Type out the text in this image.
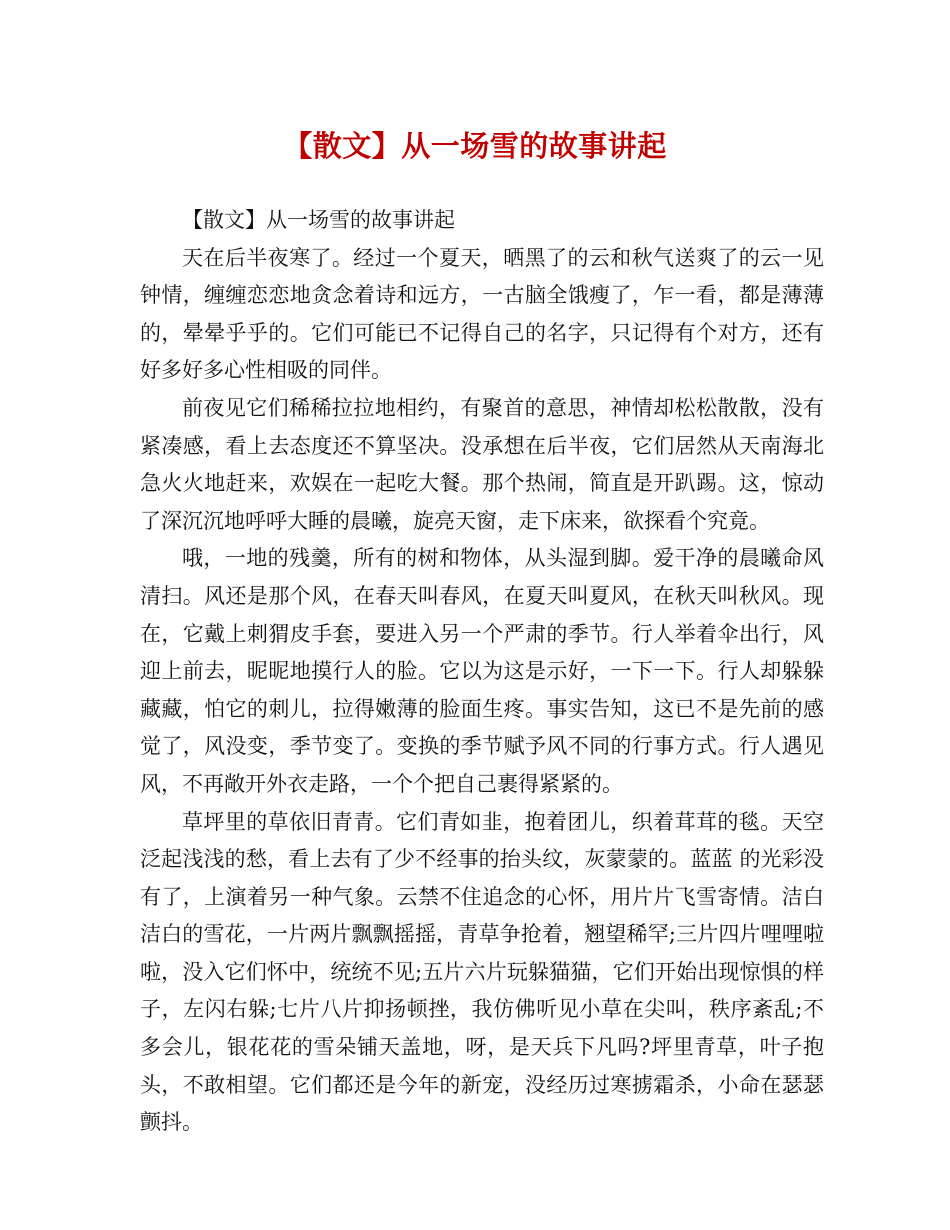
【散文】从一场雪的故事讲起

【散文】从一场雪的故事讲起

天在后半夜寒了。经过一个夏天，晒黑了的云和秋气送爽了的云一见钟情，缠缠恋恋地贪念着诗和远方，一古脑全饿瘦了，乍一看，都是薄薄的，晕晕乎乎的。它们可能已不记得自己的名字，只记得有个对方，还有好多好多心性相吸的同伴。

前夜见它们稀稀拉拉地相约，有聚首的意思，神情却松松散散，没有紧凑感，看上去态度还不算坚决。没承想在后半夜，它们居然从天南海北急火火地赶来，欢娱在一起吃大餐。那个热闹，简直是开趴踢。这，惊动了深沉沉地呼呼大睡的晨曦，旋亮天窗，走下床来，欲探看个究竟。

哦，一地的残羹，所有的树和物体，从头湿到脚。爱干净的晨曦命风清扫。风还是那个风，在春天叫春风，在夏天叫夏风，在秋天叫秋风。现在，它戴上刺猬皮手套，要进入另一个严肃的季节。行人举着伞出行，风迎上前去，昵昵地摸行人的脸。它以为这是示好，一下一下。行人却躲躲藏藏，怕它的刺儿，拉得嫩薄的脸面生疼。事实告知，这已不是先前的感觉了，风没变，季节变了。变换的季节赋予风不同的行事方式。行人遇见风，不再敞开外衣走路，一个个把自己裹得紧紧的。

草坪里的草依旧青青。它们青如韭，抱着团儿，织着茸茸的毯。天空泛起浅浅的愁，看上去有了少不经事的抬头纹，灰蒙蒙的。蓝蓝 的光彩没有了，上演着另一种气象。云禁不住追念的心怀，用片片飞雪寄情。洁白洁白的雪花，一片两片飘飘摇摇，青草争抢着，翘望稀罕;三片四片哩哩啦啦，没入它们怀中，统统不见;五片六片玩躲猫猫，它们开始出现惊惧的样子，左闪右躲;七片八片抑扬顿挫，我仿佛听见小草在尖叫，秩序紊乱;不多会儿，银花花的雪朵铺天盖地，呀，是天兵下凡吗?坪里青草，叶子抱头，不敢相望。它们都还是今年的新宠，没经历过寒掳霜杀，小命在瑟瑟颤抖。
